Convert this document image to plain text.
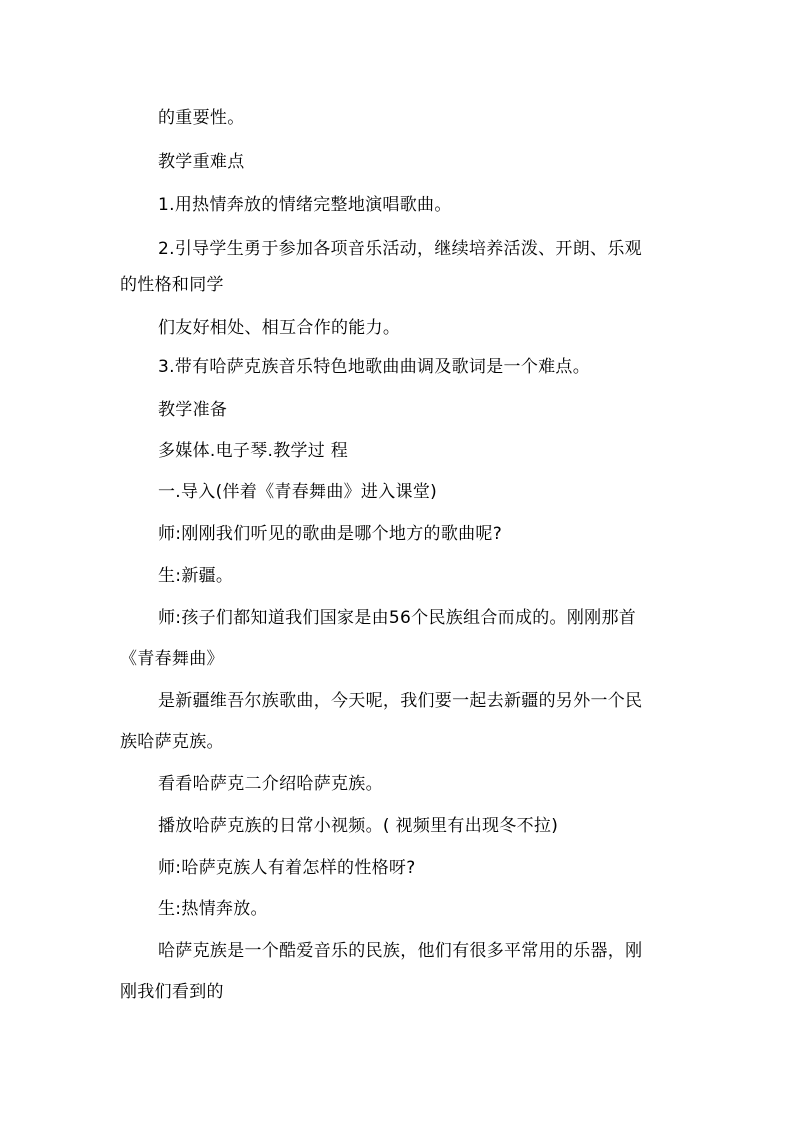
的重要性。
教学重难点
1.用热情奔放的情绪完整地演唱歌曲。
2.引导学生勇于参加各项音乐活动，继续培养活泼、开朗、乐观
的性格和同学
们友好相处、相互合作的能力。
3.带有哈萨克族音乐特色地歌曲曲调及歌词是一个难点。
教学准备
多媒体.电子琴.教学过 程
一.导入(伴着《青春舞曲》进入课堂)
师:刚刚我们听见的歌曲是哪个地方的歌曲呢?
生:新疆。
师:孩子们都知道我们国家是由56个民族组合而成的。刚刚那首
《青春舞曲》
是新疆维吾尔族歌曲，今天呢，我们要一起去新疆的另外一个民
族哈萨克族。
看看哈萨克二介绍哈萨克族。
播放哈萨克族的日常小视频。( 视频里有出现冬不拉)
师:哈萨克族人有着怎样的性格呀?
生:热情奔放。
哈萨克族是一个酷爱音乐的民族，他们有很多平常用的乐器，刚
刚我们看到的
